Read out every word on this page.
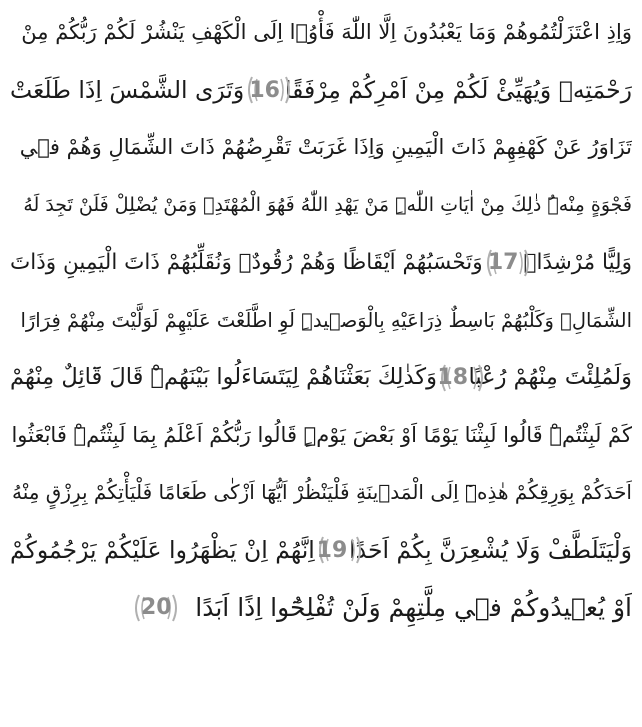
وَاِذِ اعْتَزَلْتُمُوهُمْ وَمَا يَعْبُدُونَ اِلَّا اللّٰهَ فَأْوُۤا اِلَى الْكَهْفِ يَنْشُرْ لَكُمْ رَبُّكُمْ مِنْ
رَحْمَتِه۪ وَيُهَيِّئْ لَكُمْ مِنْ اَمْرِكُمْ مِرْفَقًا
16
وَتَرَى الشَّمْسَ اِذَا طَلَعَتْ
تَزَاوَرُ عَنْ كَهْفِهِمْ ذَاتَ الْيَمِينِ وَاِذَا غَرَبَتْ تَقْرِضُهُمْ ذَاتَ الشِّمَالِ وَهُمْ ف۪ي
فَجْوَةٍ مِنْهُۜ ذٰلِكَ مِنْ اٰيَاتِ اللّٰهِۜ مَنْ يَهْدِ اللّٰهُ فَهُوَ الْمُهْتَدِۚ وَمَنْ يُضْلِلْ فَلَنْ تَجِدَ لَهُ
وَلِيًّا مُرْشِدًا۟
17
وَتَحْسَبُهُمْ اَيْقَاظًا وَهُمْ رُقُودٌۗ وَنُقَلِّبُهُمْ ذَاتَ الْيَمِينِ وَذَاتَ
الشِّمَالِۗ وَكَلْبُهُمْ بَاسِطٌ ذِرَاعَيْهِ بِالْوَص۪يدِۜ لَوِ اطَّلَعْتَ عَلَيْهِمْ لَوَلَّيْتَ مِنْهُمْ فِرَارًا
وَلَمُلِئْتَ مِنْهُمْ رُعْبًا
18
وَكَذٰلِكَ بَعَثْنَاهُمْ لِيَتَسَاءَلُوا بَيْنَهُمْۜ قَالَ قَٓائِلٌ مِنْهُمْ
كَمْ لَبِثْتُمْۜ قَالُوا لَبِثْنَا يَوْمًا اَوْ بَعْضَ يَوْمٍۜ قَالُوا رَبُّكُمْ اَعْلَمُ بِمَا لَبِثْتُمْۜ فَابْعَثُوا
اَحَدَكُمْ بِوَرِقِكُمْ هٰذِه۪ٓ اِلَى الْمَد۪ينَةِ فَلْيَنْظُرْ اَيُّهَٓا اَزْكٰى طَعَامًا فَلْيَأْتِكُمْ بِرِزْقٍ مِنْهُ
وَلْيَتَلَطَّفْ وَلَا يُشْعِرَنَّ بِكُمْ اَحَدًا
19
اِنَّهُمْ اِنْ يَظْهَرُوا عَلَيْكُمْ يَرْجُمُوكُمْ
اَوْ يُع۪يدُوكُمْ ف۪ي مِلَّتِهِمْ وَلَنْ تُفْلِحُٓوا اِذًا اَبَدًا
20
